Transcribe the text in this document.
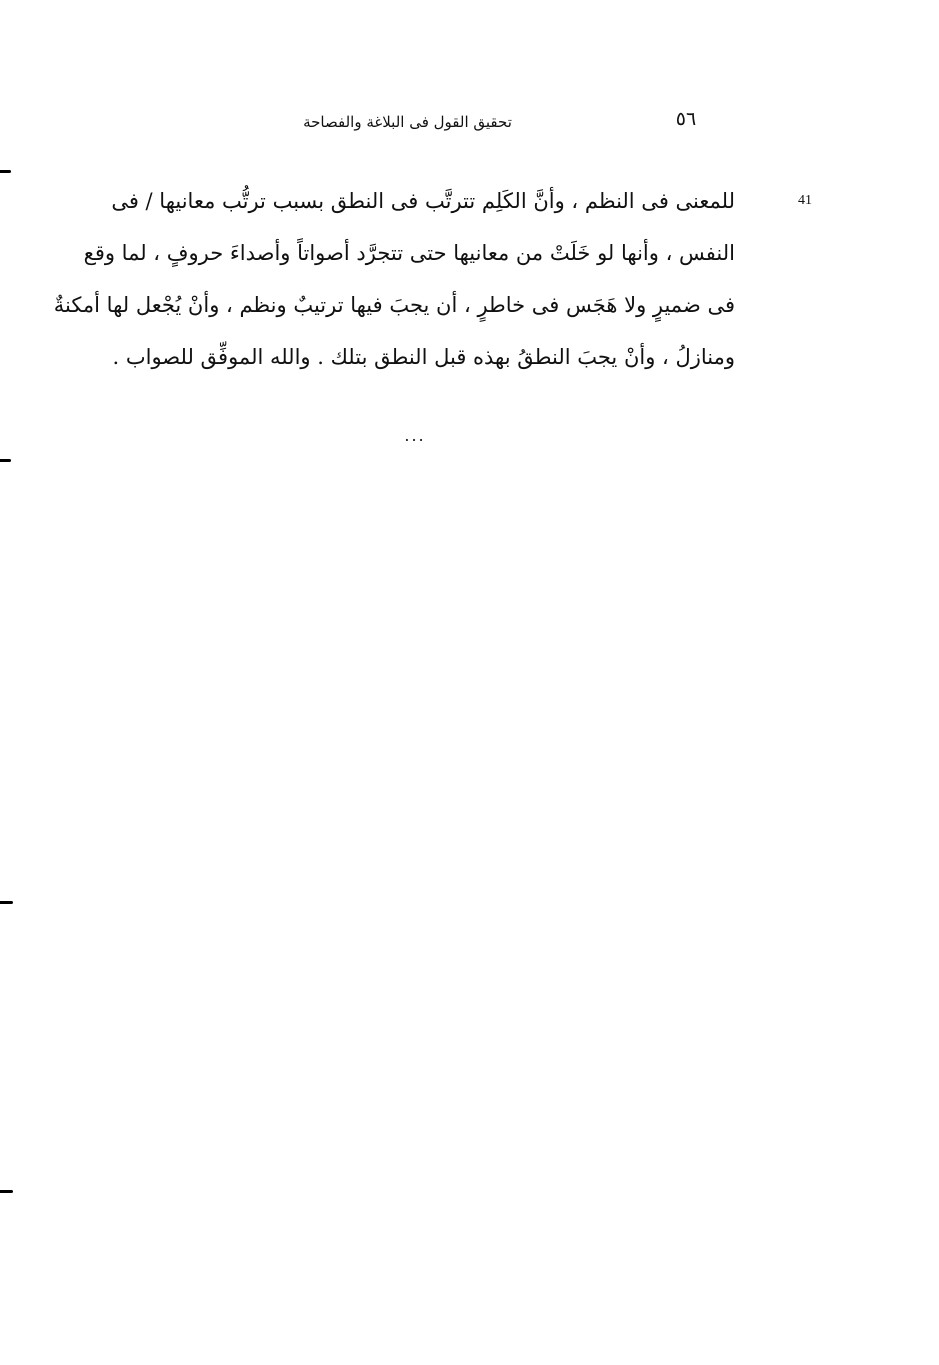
٥٦
تحقيق القول فى البلاغة والفصاحة
41
للمعنى فى النظم ، وأنَّ الكَلِم تترتَّب فى النطق بسبب ترتُّب معانيها / فى
النفس ، وأنها لو خَلَتْ من معانيها حتى تتجرَّد أصواتاً وأصداءَ حروفٍ ، لما وقع
فى ضميرٍ ولا هَجَس فى خاطرٍ ، أن يجبَ فيها ترتيبٌ ونظم ، وأنْ يُجْعل لها أمكنةٌ
ومنازلُ ، وأنْ يجبَ النطقُ بهذه قبل النطق بتلك . والله الموفِّق للصواب .
...
